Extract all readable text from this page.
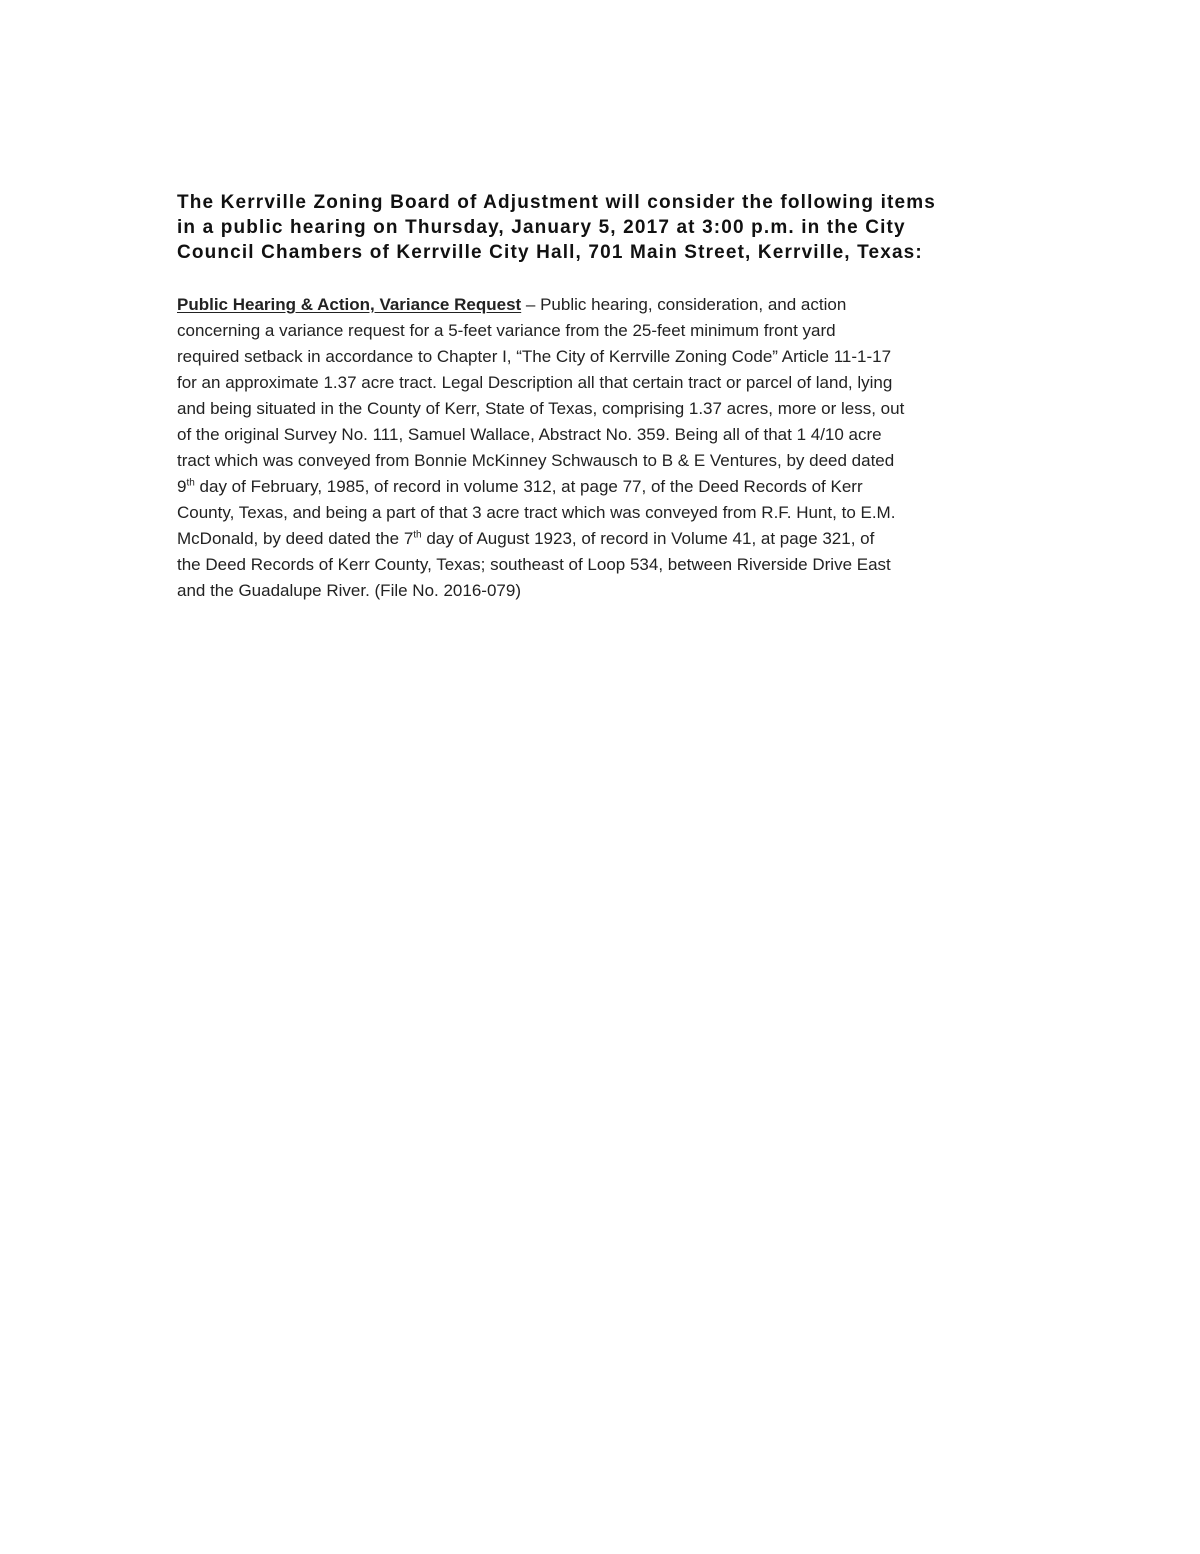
The Kerrville Zoning Board of Adjustment will consider the following items
in a public hearing on Thursday, January 5, 2017 at 3:00 p.m. in the City
Council Chambers of Kerrville City Hall, 701 Main Street, Kerrville, Texas:
Public Hearing & Action, Variance Request – Public hearing, consideration, and action
concerning a variance request for a 5-feet variance from the 25-feet minimum front yard
required setback in accordance to Chapter I, “The City of Kerrville Zoning Code” Article 11-1-17
for an approximate 1.37 acre tract. Legal Description all that certain tract or parcel of land, lying
and being situated in the County of Kerr, State of Texas, comprising 1.37 acres, more or less, out
of the original Survey No. 111, Samuel Wallace, Abstract No. 359. Being all of that 1 4/10 acre
tract which was conveyed from Bonnie McKinney Schwausch to B & E Ventures, by deed dated
9th day of February, 1985, of record in volume 312, at page 77, of the Deed Records of Kerr
County, Texas, and being a part of that 3 acre tract which was conveyed from R.F. Hunt, to E.M.
McDonald, by deed dated the 7th day of August 1923, of record in Volume 41, at page 321, of
the Deed Records of Kerr County, Texas; southeast of Loop 534, between Riverside Drive East
and the Guadalupe River. (File No. 2016-079)
